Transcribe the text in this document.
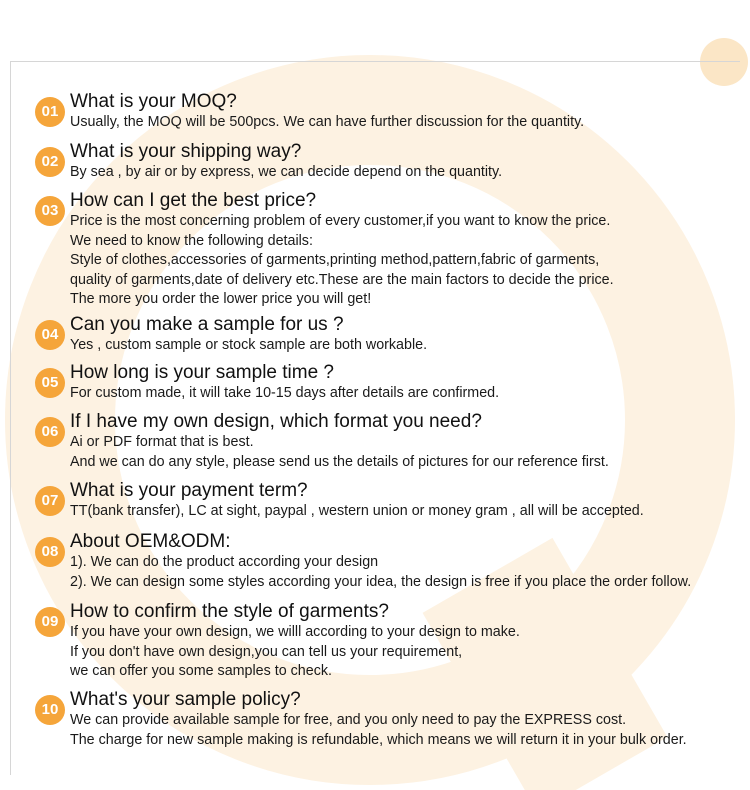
01 What is your MOQ?

Usually, the MOQ will be 500pcs. We can have further discussion for the quantity.

02 What is your shipping way?

By sea , by air or by express, we can decide depend on the quantity.

03 How can I get the best price?

Price is the most concerning problem of every customer,if you want to know the price.
We need to know the following details:
Style of clothes,accessories of garments,printing method,pattern,fabric of garments,
quality of garments,date of delivery etc.These are the main factors to decide the price.
The more you order the lower price you will get!

04 Can you make a sample for us ?

Yes , custom sample or stock sample are both workable.

05 How long is your sample time ?

For custom made, it will take 10-15 days after details are confirmed.

06 If I have my own design, which format you need?

Ai or PDF format that is best.
And we can do any style, please send us the details of pictures for our reference first.

07 What is your payment term?

TT(bank transfer), LC at sight, paypal , western union or money gram , all will be accepted.

08 About OEM&ODM:

1). We can do the product according your design
2). We can design some styles according your idea, the design is free if you place the order follow.

09 How to confirm the style of garments?

If you have your own design, we willl according to your design to make.
If you don't have own design,you can tell us your requirement,
we can offer you some samples to check.

10 What's your sample policy?

We can provide available sample for free, and you only need to pay the EXPRESS cost.
The charge for new sample making is refundable, which means we will return it in your bulk order.
